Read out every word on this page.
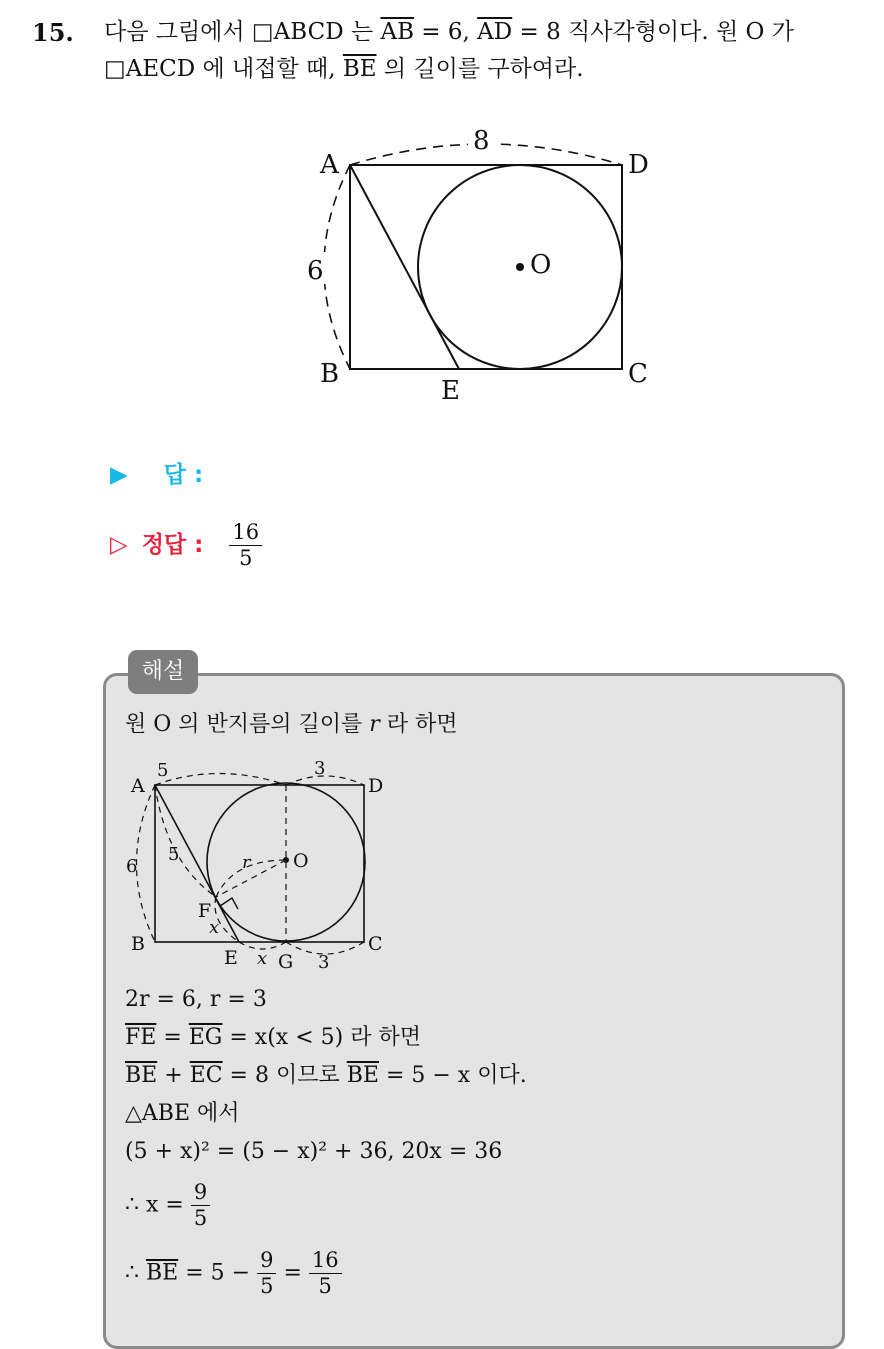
15. 다음 그림에서 □ABCD 는 $\overline{AB} = 6$, $\overline{AD} = 8$ 직사각형이다. 원 O 가
□AECD 에 내접할 때, $\overline{BE}$ 의 길이를 구하여라.
A
B	C
D
E
O
8
6
▶ 답 :
▷ 정답 : $\frac{16}{5}$
해설
원 O 의 반지름의 길이를 r 라 하면
A
B	C
D
E
F
G
O
5	3
6
5
3
r
x
x
2r = 6, r = 3
$\overline{FE} = \overline{EG} = x(x < 5)$ 라 하면
$\overline{BE} + \overline{EC} = 8$ 이므로 $\overline{BE} = 5 - x$ 이다.
△ABE 에서
(5 + x)² = (5 − x)² + 36, 20x = 36
∴ $x = \frac{9}{5}$
∴ $\overline{BE} = 5 - \frac{9}{5} = \frac{16}{5}$
